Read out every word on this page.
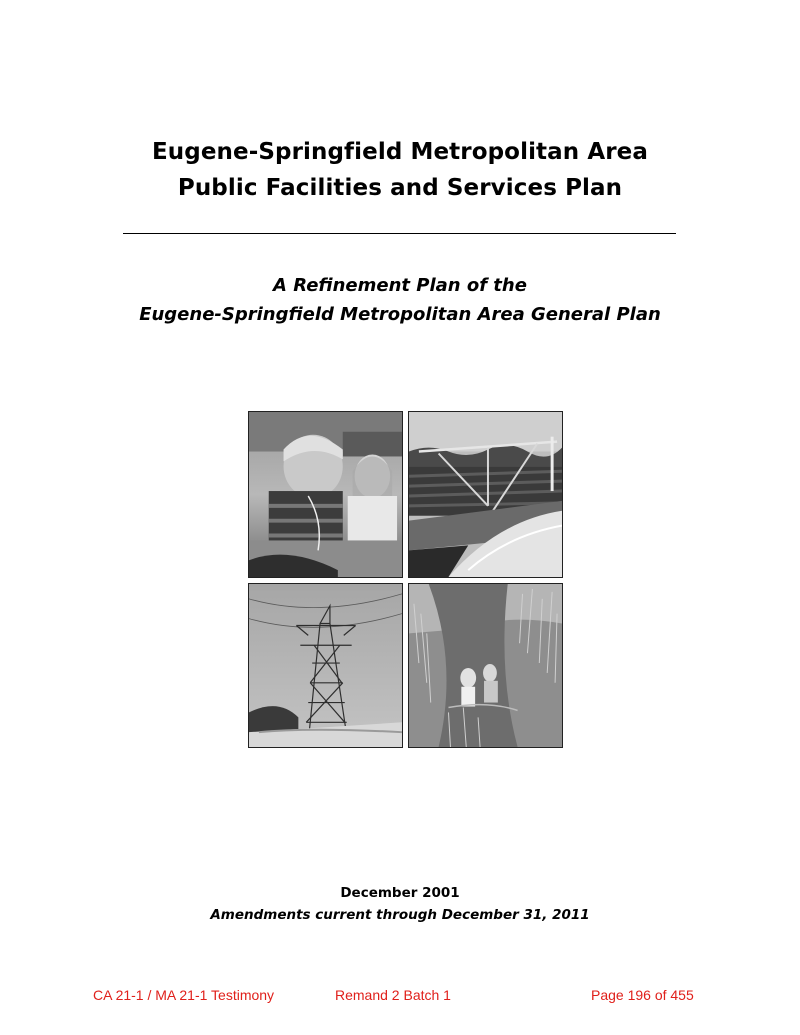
Eugene-Springfield Metropolitan Area
Public Facilities and Services Plan
A Refinement Plan of the
Eugene-Springfield Metropolitan Area General Plan
December 2001
Amendments current through December 31, 2011
CA 21-1 / MA 21-1 Testimony	Remand 2 Batch 1	Page 196 of 455
